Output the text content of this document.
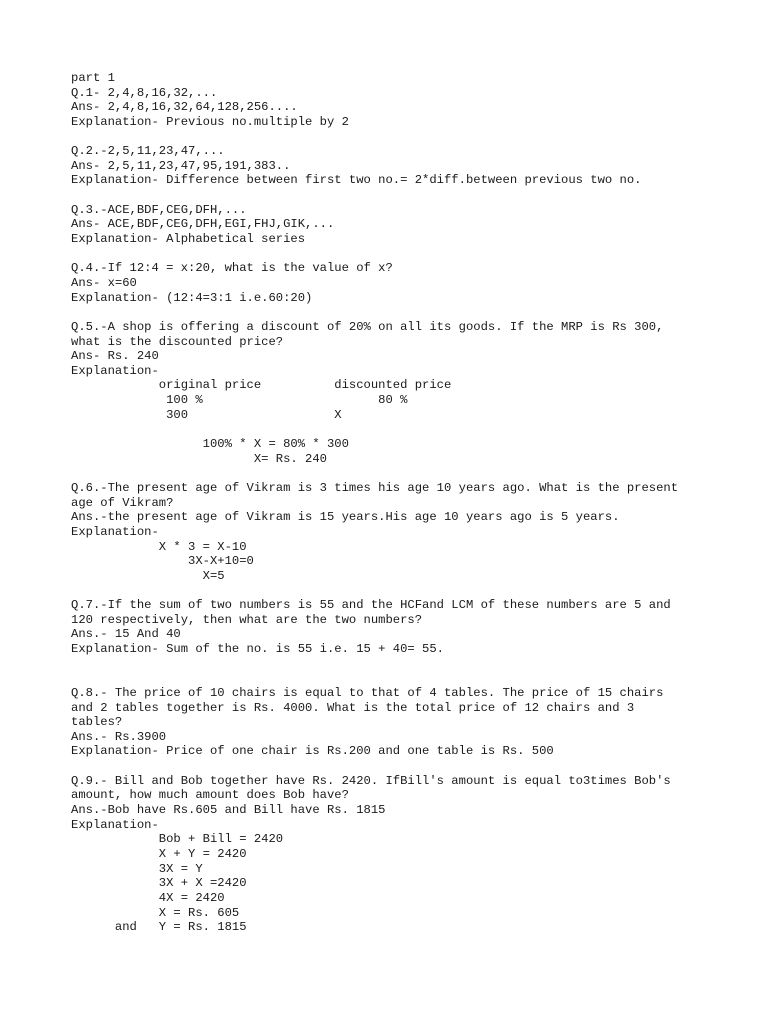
part 1
Q.1- 2,4,8,16,32,...
Ans- 2,4,8,16,32,64,128,256....
Explanation- Previous no.multiple by 2
Q.2.-2,5,11,23,47,...
Ans- 2,5,11,23,47,95,191,383..
Explanation- Difference between first two no.= 2*diff.between previous two no.
Q.3.-ACE,BDF,CEG,DFH,...
Ans- ACE,BDF,CEG,DFH,EGI,FHJ,GIK,...
Explanation- Alphabetical series
Q.4.-If 12:4 = x:20, what is the value of x?
Ans- x=60
Explanation- (12:4=3:1 i.e.60:20)
Q.5.-A shop is offering a discount of 20% on all its goods. If the MRP is Rs 300,
what is the discounted price?
Ans- Rs. 240
Explanation-
original price          discounted price
100 %                        80 %
300                    X
100% * X = 80% * 300
X= Rs. 240
Q.6.-The present age of Vikram is 3 times his age 10 years ago. What is the present
age of Vikram?
Ans.-the present age of Vikram is 15 years.His age 10 years ago is 5 years.
Explanation-
X * 3 = X-10
3X-X+10=0
X=5
Q.7.-If the sum of two numbers is 55 and the HCFand LCM of these numbers are 5 and
120 respectively, then what are the two numbers?
Ans.- 15 And 40
Explanation- Sum of the no. is 55 i.e. 15 + 40= 55.
Q.8.- The price of 10 chairs is equal to that of 4 tables. The price of 15 chairs
and 2 tables together is Rs. 4000. What is the total price of 12 chairs and 3
tables?
Ans.- Rs.3900
Explanation- Price of one chair is Rs.200 and one table is Rs. 500
Q.9.- Bill and Bob together have Rs. 2420. IfBill's amount is equal to3times Bob's
amount, how much amount does Bob have?
Ans.-Bob have Rs.605 and Bill have Rs. 1815
Explanation-
Bob + Bill = 2420
X + Y = 2420
3X = Y
3X + X =2420
4X = 2420
X = Rs. 605
and   Y = Rs. 1815
